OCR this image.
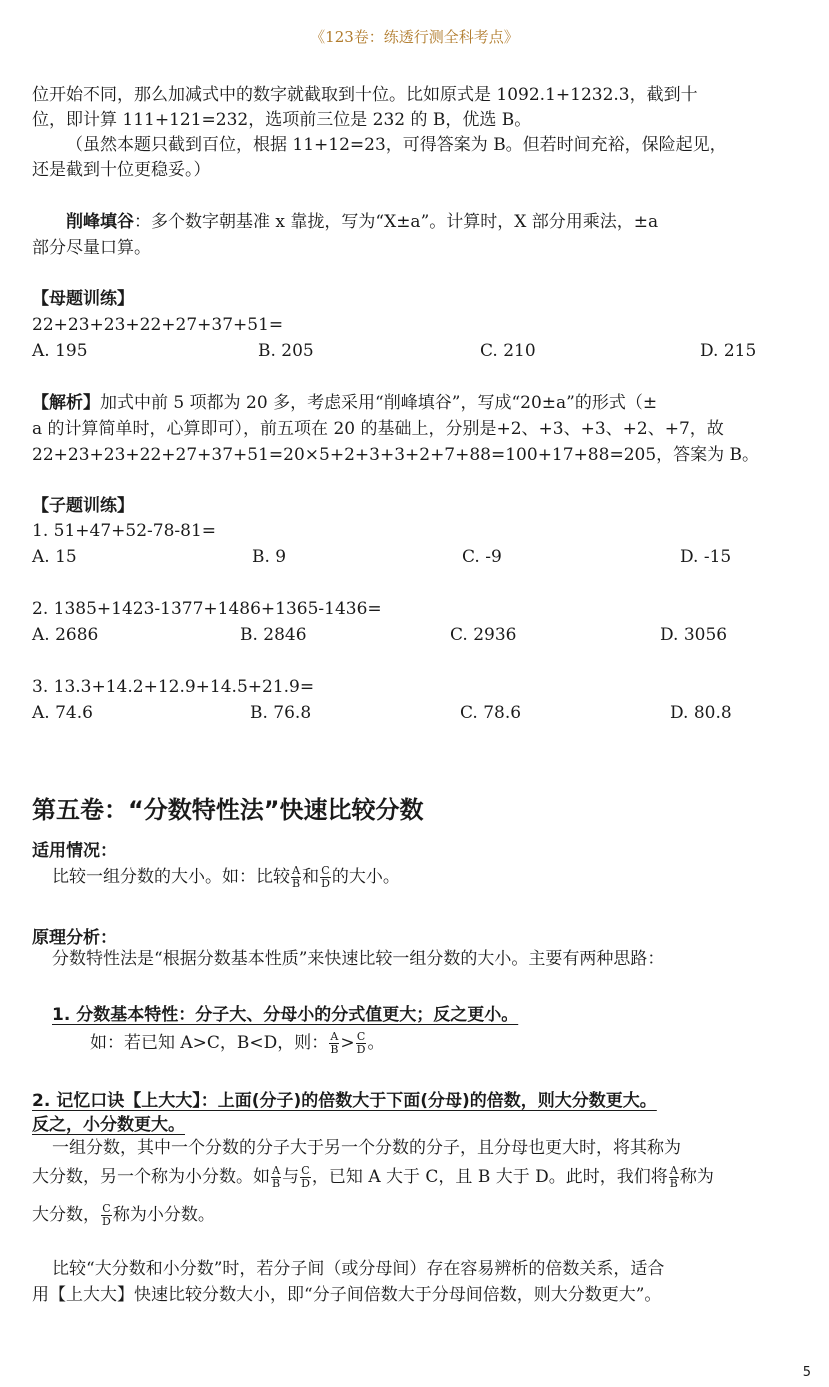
《123卷：练透行测全科考点》
位开始不同，那么加减式中的数字就截取到十位。比如原式是 1092.1+1232.3，截到十
位，即计算 111+121=232，选项前三位是 232 的 B，优选 B。
（虽然本题只截到百位，根据 11+12=23，可得答案为 B。但若时间充裕，保险起见，
还是截到十位更稳妥。）
削峰填谷：多个数字朝基准 x 靠拢，写为“X±a”。计算时，X 部分用乘法，±a
部分尽量口算。
【母题训练】
22+23+23+22+27+37+51=
A. 195	B. 205	C. 210	D. 215
【解析】加式中前 5 项都为 20 多，考虑采用“削峰填谷”，写成“20±a”的形式（±
a 的计算简单时，心算即可），前五项在 20 的基础上，分别是+2、+3、+3、+2、+7，故
22+23+23+22+27+37+51=20×5+2+3+3+2+7+88=100+17+88=205，答案为 B。
【子题训练】
1. 51+47+52-78-81=
A. 15	B. 9	C. -9	D. -15
2. 1385+1423-1377+1486+1365-1436=
A. 2686	B. 2846	C. 2936	D. 3056
3. 13.3+14.2+12.9+14.5+21.9=
A. 74.6	B. 76.8	C. 78.6	D. 80.8
第五卷：“分数特性法”快速比较分数
适用情况：
比较一组分数的大小。如：比较 $\frac{A}{B}$ 和 $\frac{C}{D}$ 的大小。
原理分析：
分数特性法是“根据分数基本性质”来快速比较一组分数的大小。主要有两种思路：
1. 分数基本特性：分子大、分母小的分式值更大；反之更小。
如：若已知 A>C，B<D，则： $\frac{A}{B} > \frac{C}{D}$ 。
2. 记忆口诀【上大大】：上面(分子)的倍数大于下面(分母)的倍数，则大分数更大。
反之，小分数更大。
一组分数，其中一个分数的分子大于另一个分数的分子，且分母也更大时，将其称为
大分数，另一个称为小分数。如 $\frac{A}{B}$ 与 $\frac{C}{D}$ ，已知 A 大于 C，且 B 大于 D。此时，我们将 $\frac{A}{B}$ 称为
大分数， $\frac{C}{D}$ 称为小分数。
比较“大分数和小分数”时，若分子间（或分母间）存在容易辨析的倍数关系，适合
用【上大大】快速比较分数大小，即“分子间倍数大于分母间倍数，则大分数更大”。
5
